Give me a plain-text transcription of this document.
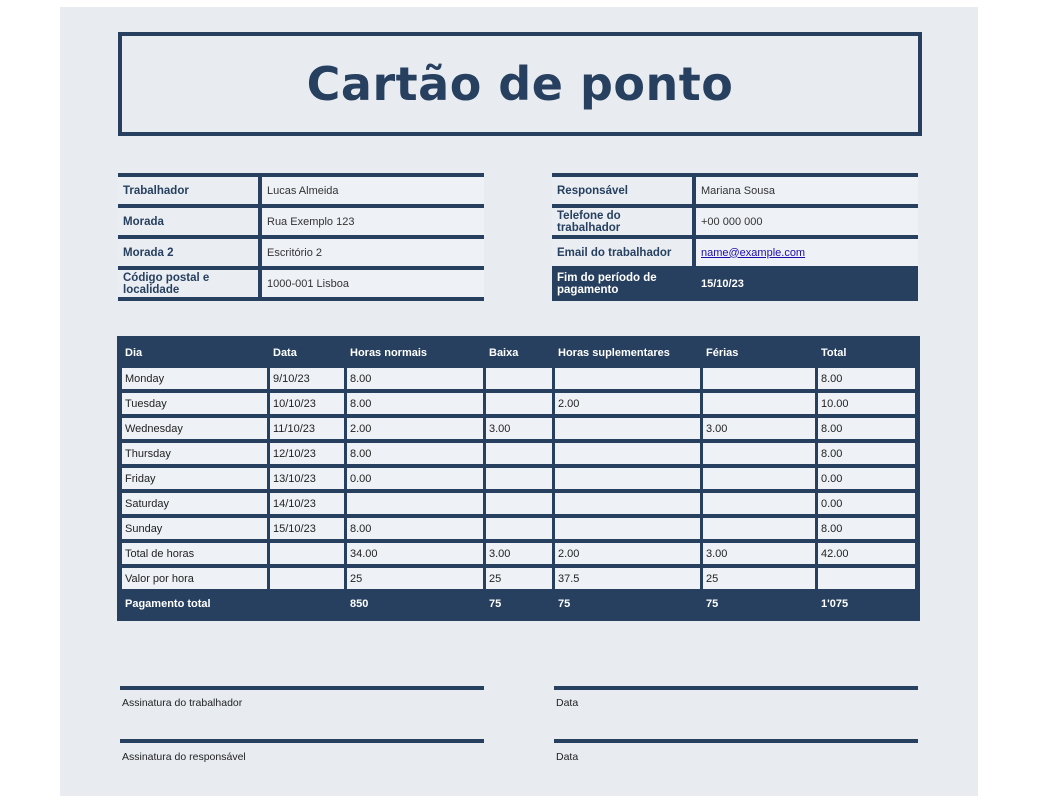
Cartão de ponto
Trabalhador	Lucas Almeida
Morada	Rua Exemplo 123
Morada 2	Escritório 2
Código postal e localidade	1000-001 Lisboa
Responsável	Mariana Sousa
Telefone do trabalhador	+00 000 000
Email do trabalhador	name@example.com
Fim do período de pagamento	15/10/23
Dia	Data	Horas normais	Baixa	Horas suplementares	Férias	Total
Monday	9/10/23	8.00				8.00
Tuesday	10/10/23	8.00		2.00		10.00
Wednesday	11/10/23	2.00	3.00		3.00	8.00
Thursday	12/10/23	8.00				8.00
Friday	13/10/23	0.00				0.00
Saturday	14/10/23					0.00
Sunday	15/10/23	8.00				8.00
Total de horas		34.00	3.00	2.00	3.00	42.00
Valor por hora		25	25	37.5	25	
Pagamento total		850	75	75	75	1'075
Assinatura do trabalhador	Data
Assinatura do responsável	Data
